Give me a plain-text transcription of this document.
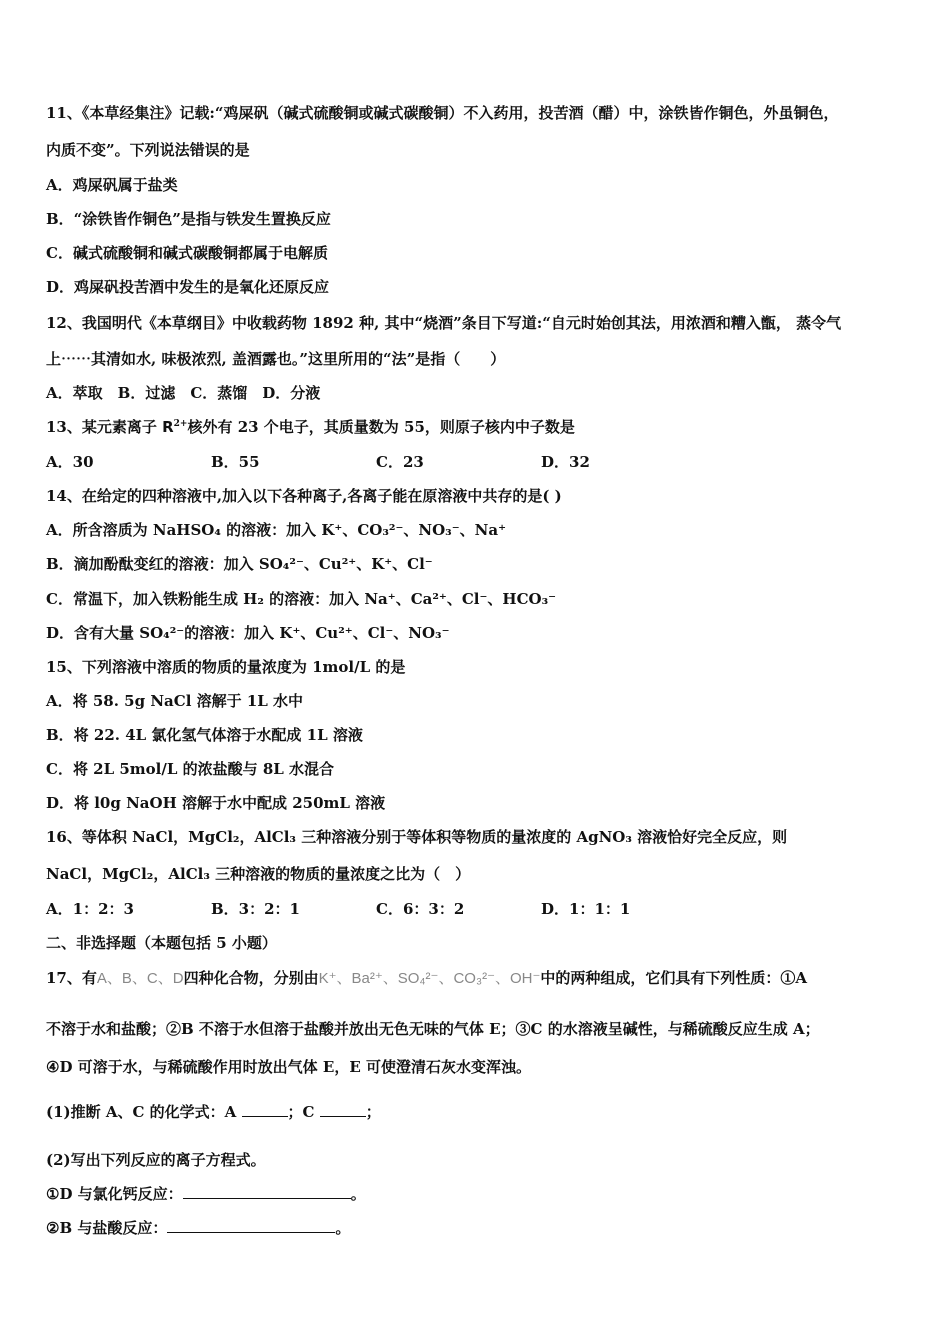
11、《本草经集注》记载:“鸡屎矾（碱式硫酸铜或碱式碳酸铜）不入药用，投苦酒（醋）中，涂铁皆作铜色，外虽铜色，
内质不变”。下列说法错误的是
A．鸡屎矾属于盐类
B．“涂铁皆作铜色”是指与铁发生置换反应
C．碱式硫酸铜和碱式碳酸铜都属于电解质
D．鸡屎矾投苦酒中发生的是氧化还原反应
12、我国明代《本草纲目》中收载药物 1892 种, 其中“烧酒”条目下写道:“自元时始创其法，用浓酒和糟入甑， 蒸令气
上⋯⋯其清如水, 味极浓烈, 盖酒露也。”这里所用的“法”是指（　　）
A．萃取　B．过滤　C．蒸馏　D．分液
13、某元素离子 $R^{2+}$核外有 23 个电子，其质量数为 55，则原子核内中子数是
A．30	B．55	C．23	D．32
14、在给定的四种溶液中,加入以下各种离子,各离子能在原溶液中共存的是( )
A．所含溶质为 NaHSO₄ 的溶液：加入 K⁺、CO₃²⁻、NO₃⁻、Na⁺
B．滴加酚酞变红的溶液：加入 SO₄²⁻、Cu²⁺、K⁺、Cl⁻
C．常温下，加入铁粉能生成 H₂ 的溶液：加入 Na⁺、Ca²⁺、Cl⁻、HCO₃⁻
D．含有大量 SO₄²⁻的溶液：加入 K⁺、Cu²⁺、Cl⁻、NO₃⁻
15、下列溶液中溶质的物质的量浓度为 1mol/L 的是
A．将 58. 5g NaCl 溶解于 1L 水中
B．将 22. 4L 氯化氢气体溶于水配成 1L 溶液
C．将 2L 5mol/L 的浓盐酸与 8L 水混合
D．将 l0g NaOH 溶解于水中配成 250mL 溶液
16、等体积 NaCl，MgCl₂，AlCl₃ 三种溶液分别于等体积等物质的量浓度的 AgNO₃ 溶液恰好完全反应，则
NaCl，MgCl₂，AlCl₃ 三种溶液的物质的量浓度之比为（　）
A．1：2：3	B．3：2：1	C．6：3：2	D．1：1：1
二、非选择题（本题包括 5 小题）
17、有A、B、C、D四种化合物，分别由K⁺、Ba²⁺、SO₄²⁻、CO₃²⁻、OH⁻中的两种组成，它们具有下列性质：①A
不溶于水和盐酸；②B 不溶于水但溶于盐酸并放出无色无味的气体 E；③C 的水溶液呈碱性，与稀硫酸反应生成 A；
④D 可溶于水，与稀硫酸作用时放出气体 E，E 可使澄清石灰水变浑浊。
(1)推断 A、C 的化学式：A	；C	；
(2)写出下列反应的离子方程式。
①D 与氯化钙反应：	。
②B 与盐酸反应：	。
